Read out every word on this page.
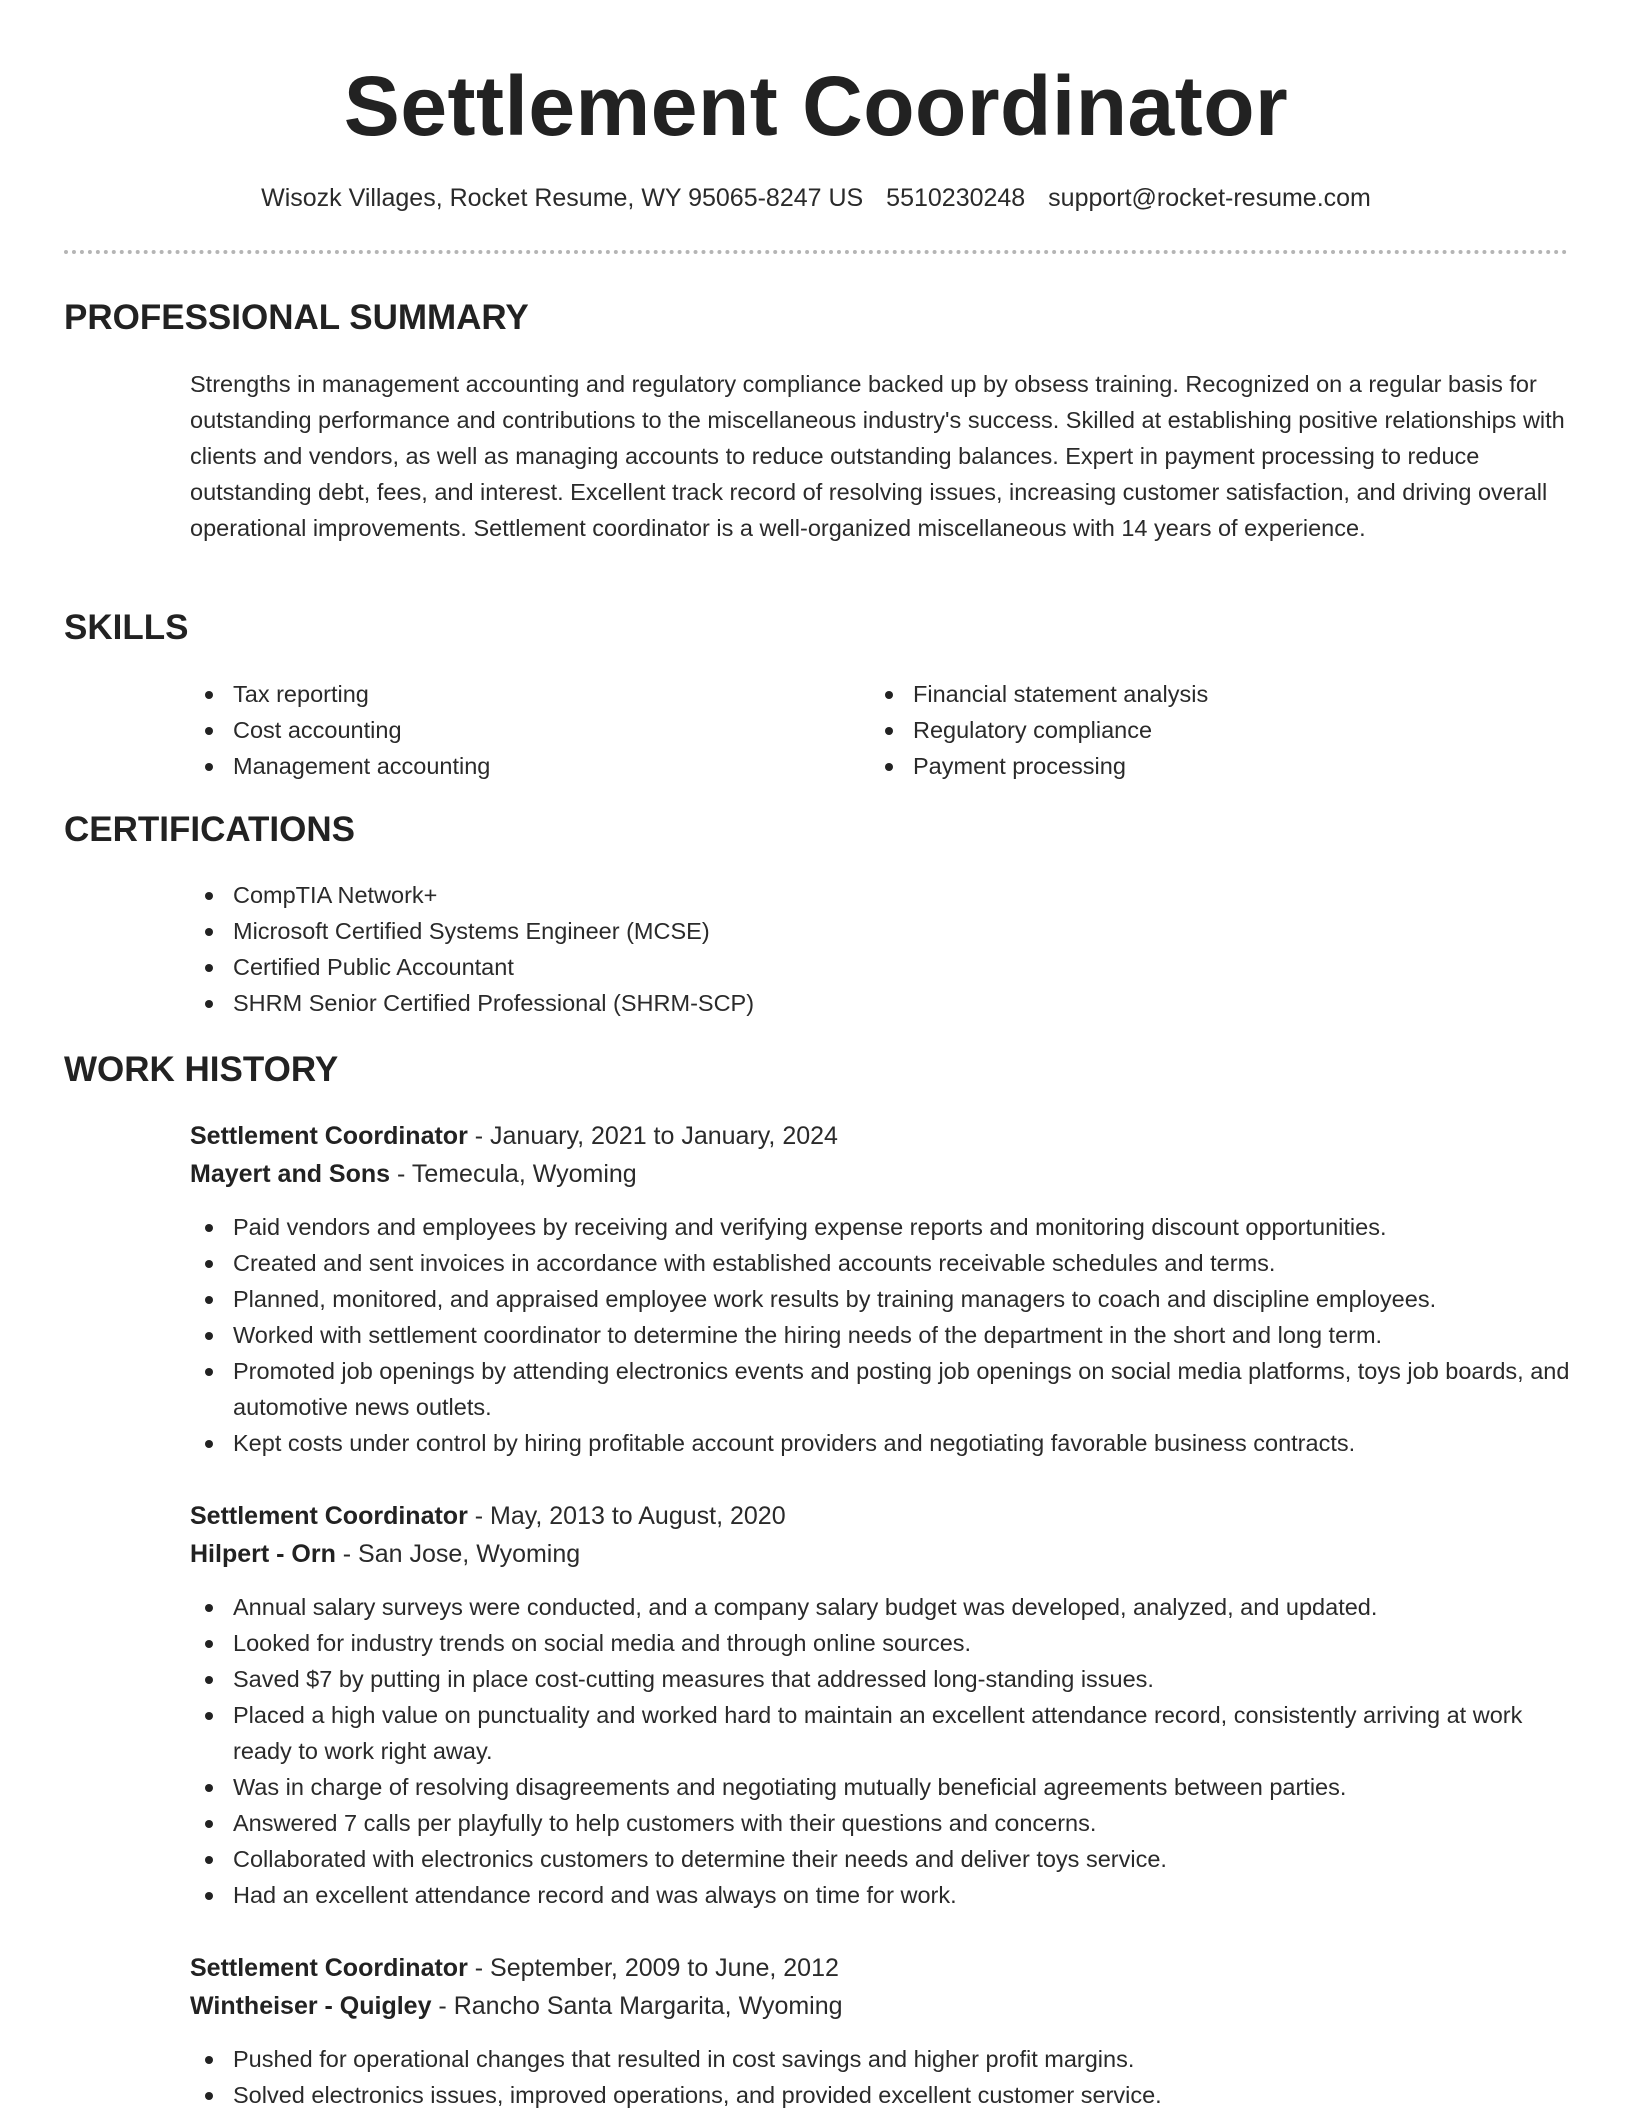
Settlement Coordinator
Wisozk Villages, Rocket Resume, WY 95065-8247 US 5510230248 support@rocket-resume.com
PROFESSIONAL SUMMARY

Strengths in management accounting and regulatory compliance backed up by obsess training. Recognized on a regular basis for outstanding performance and contributions to the miscellaneous industry's success. Skilled at establishing positive relationships with clients and vendors, as well as managing accounts to reduce outstanding balances. Expert in payment processing to reduce outstanding debt, fees, and interest. Excellent track record of resolving issues, increasing customer satisfaction, and driving overall operational improvements. Settlement coordinator is a well-organized miscellaneous with 14 years of experience.

SKILLS
Tax reporting
Cost accounting
Management accounting
Financial statement analysis
Regulatory compliance
Payment processing
CERTIFICATIONS
CompTIA Network+
Microsoft Certified Systems Engineer (MCSE)
Certified Public Accountant
SHRM Senior Certified Professional (SHRM-SCP)
WORK HISTORY
Settlement Coordinator - January, 2021 to January, 2024
Mayert and Sons - Temecula, Wyoming
Paid vendors and employees by receiving and verifying expense reports and monitoring discount opportunities.
Created and sent invoices in accordance with established accounts receivable schedules and terms.
Planned, monitored, and appraised employee work results by training managers to coach and discipline employees.
Worked with settlement coordinator to determine the hiring needs of the department in the short and long term.
Promoted job openings by attending electronics events and posting job openings on social media platforms, toys job boards, and automotive news outlets.
Kept costs under control by hiring profitable account providers and negotiating favorable business contracts.
Settlement Coordinator - May, 2013 to August, 2020
Hilpert - Orn - San Jose, Wyoming
Annual salary surveys were conducted, and a company salary budget was developed, analyzed, and updated.
Looked for industry trends on social media and through online sources.
Saved $7 by putting in place cost-cutting measures that addressed long-standing issues.
Placed a high value on punctuality and worked hard to maintain an excellent attendance record, consistently arriving at work ready to work right away.
Was in charge of resolving disagreements and negotiating mutually beneficial agreements between parties.
Answered 7 calls per playfully to help customers with their questions and concerns.
Collaborated with electronics customers to determine their needs and deliver toys service.
Had an excellent attendance record and was always on time for work.
Settlement Coordinator - September, 2009 to June, 2012
Wintheiser - Quigley - Rancho Santa Margarita, Wyoming
Pushed for operational changes that resulted in cost savings and higher profit margins.
Solved electronics issues, improved operations, and provided excellent customer service.
